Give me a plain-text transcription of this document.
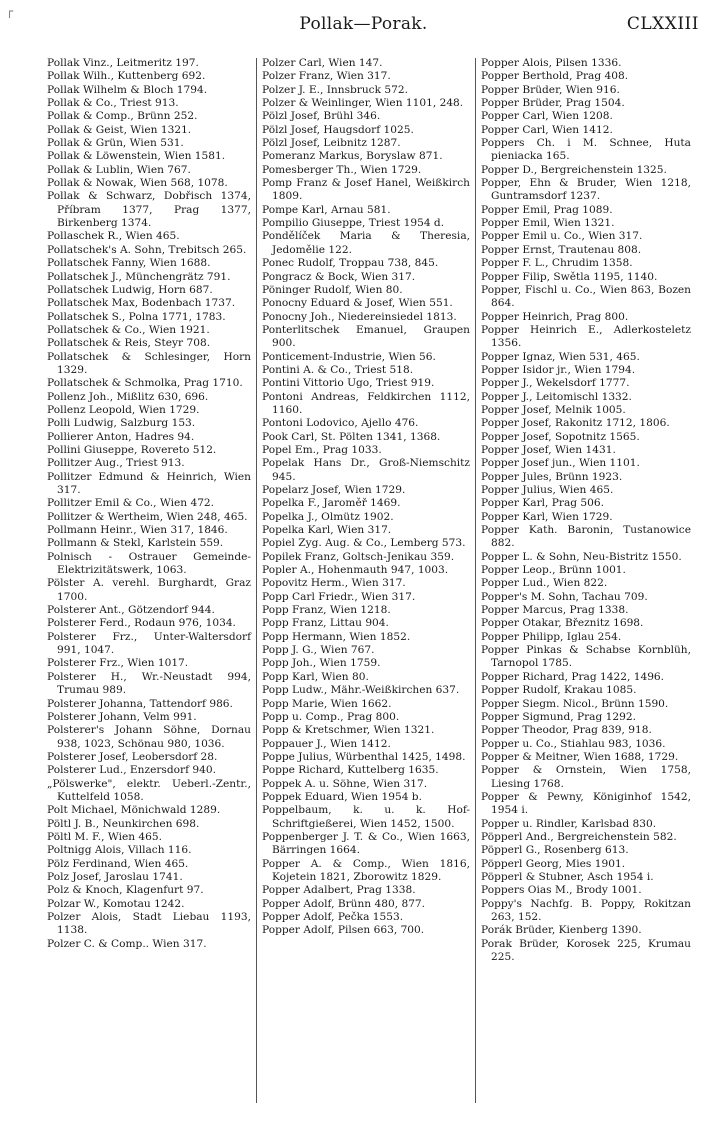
┌
Pollak—Porak.	CLXXIII
Pollak Vinz., Leitmeritz 197.
Pollak Wilh., Kuttenberg 692.
Pollak Wilhelm & Bloch 1794.
Pollak & Co., Triest 913.
Pollak & Comp., Brünn 252.
Pollak & Geist, Wien 1321.
Pollak & Grün, Wien 531.
Pollak & Löwenstein, Wien 1581.
Pollak & Lublin, Wien 767.
Pollak & Nowak, Wien 568, 1078.
Pollak & Schwarz, Dobřisch 1374, Příbram 1377, Prag 1377, Birkenberg 1374.
Pollaschek R., Wien 465.
Pollatschek's A. Sohn, Trebitsch 265.
Pollatschek Fanny, Wien 1688.
Pollatschek J., Münchengrätz 791.
Pollatschek Ludwig, Horn 687.
Pollatschek Max, Bodenbach 1737.
Pollatschek S., Polna 1771, 1783.
Pollatschek & Co., Wien 1921.
Pollatschek & Reis, Steyr 708.
Pollatschek & Schlesinger, Horn 1329.
Pollatschek & Schmolka, Prag 1710.
Pollenz Joh., Mißlitz 630, 696.
Pollenz Leopold, Wien 1729.
Polli Ludwig, Salzburg 153.
Pollierer Anton, Hadres 94.
Pollini Giuseppe, Rovereto 512.
Pollitzer Aug., Triest 913.
Pollitzer Edmund & Heinrich, Wien 317.
Pollitzer Emil & Co., Wien 472.
Pollitzer & Wertheim, Wien 248, 465.
Pollmann Heinr., Wien 317, 1846.
Pollmann & Stekl, Karlstein 559.
Polnisch - Ostrauer Gemeinde-Elektrizitätswerk, 1063.
Pölster A. verehl. Burghardt, Graz 1700.
Polsterer Ant., Götzendorf 944.
Polsterer Ferd., Rodaun 976, 1034.
Polsterer Frz., Unter-Waltersdorf 991, 1047.
Polsterer Frz., Wien 1017.
Polsterer H., Wr.-Neustadt 994, Trumau 989.
Polsterer Johanna, Tattendorf 986.
Polsterer Johann, Velm 991.
Polsterer's Johann Söhne, Dornau 938, 1023, Schönau 980, 1036.
Polsterer Josef, Leobersdorf 28.
Polsterer Lud., Enzersdorf 940.
„Pölswerke", elektr. Ueberl.-Zentr., Kuttelfeld 1058.
Polt Michael, Mönichwald 1289.
Pöltl J. B., Neunkirchen 698.
Pöltl M. F., Wien 465.
Poltnigg Alois, Villach 116.
Pölz Ferdinand, Wien 465.
Polz Josef, Jaroslau 1741.
Polz & Knoch, Klagenfurt 97.
Polzar W., Komotau 1242.
Polzer Alois, Stadt Liebau 1193, 1138.
Polzer C. & Comp.. Wien 317.
Polzer Carl, Wien 147.
Polzer Franz, Wien 317.
Polzer J. E., Innsbruck 572.
Polzer & Weinlinger, Wien 1101, 248.
Pölzl Josef, Brühl 346.
Pölzl Josef, Haugsdorf 1025.
Pölzl Josef, Leibnitz 1287.
Pomeranz Markus, Boryslaw 871.
Pomesberger Th., Wien 1729.
Pomp Franz & Josef Hanel, Weißkirch 1809.
Pompe Karl, Arnau 581.
Pompilio Giuseppe, Triest 1954 d.
Pondělíček Maria & Theresia, Jedomělie 122.
Ponec Rudolf, Troppau 738, 845.
Pongracz & Bock, Wien 317.
Pöninger Rudolf, Wien 80.
Ponocny Eduard & Josef, Wien 551.
Ponocny Joh., Niedereinsiedel 1813.
Ponterlitschek Emanuel, Graupen 900.
Ponticement-Industrie, Wien 56.
Pontini A. & Co., Triest 518.
Pontini Vittorio Ugo, Triest 919.
Pontoni Andreas, Feldkirchen 1112, 1160.
Pontoni Lodovico, Ajello 476.
Pook Carl, St. Pölten 1341, 1368.
Popel Em., Prag 1033.
Popelak Hans Dr., Groß-Niemschitz 945.
Popelarz Josef, Wien 1729.
Popelka F., Jaroměř 1469.
Popelka J., Olmütz 1902.
Popelka Karl, Wien 317.
Popiel Zyg. Aug. & Co., Lemberg 573.
Popilek Franz, Goltsch-Jenikau 359.
Popler A., Hohenmauth 947, 1003.
Popovitz Herm., Wien 317.
Popp Carl Friedr., Wien 317.
Popp Franz, Wien 1218.
Popp Franz, Littau 904.
Popp Hermann, Wien 1852.
Popp J. G., Wien 767.
Popp Joh., Wien 1759.
Popp Karl, Wien 80.
Popp Ludw., Mähr.-Weißkirchen 637.
Popp Marie, Wien 1662.
Popp u. Comp., Prag 800.
Popp & Kretschmer, Wien 1321.
Poppauer J., Wien 1412.
Poppe Julius, Würbenthal 1425, 1498.
Poppe Richard, Kuttelberg 1635.
Poppek A. u. Söhne, Wien 317.
Poppek Eduard, Wien 1954 b.
Poppelbaum, k. u. k. Hof-Schriftgießerei, Wien 1452, 1500.
Poppenberger J. T. & Co., Wien 1663, Bärringen 1664.
Popper A. & Comp., Wien 1816, Kojetein 1821, Zborowitz 1829.
Popper Adalbert, Prag 1338.
Popper Adolf, Brünn 480, 877.
Popper Adolf, Pečka 1553.
Popper Adolf, Pilsen 663, 700.
Popper Alois, Pilsen 1336.
Popper Berthold, Prag 408.
Popper Brüder, Wien 916.
Popper Brüder, Prag 1504.
Popper Carl, Wien 1208.
Popper Carl, Wien 1412.
Poppers Ch. i M. Schnee, Huta pieniacka 165.
Popper D., Bergreichenstein 1325.
Popper, Ehn & Bruder, Wien 1218, Guntramsdorf 1237.
Popper Emil, Prag 1089.
Popper Emil, Wien 1321.
Popper Emil u. Co., Wien 317.
Popper Ernst, Trautenau 808.
Popper F. L., Chrudim 1358.
Popper Filip, Swětla 1195, 1140.
Popper, Fischl u. Co., Wien 863, Bozen 864.
Popper Heinrich, Prag 800.
Popper Heinrich E., Adlerkosteletz 1356.
Popper Ignaz, Wien 531, 465.
Popper Isidor jr., Wien 1794.
Popper J., Wekelsdorf 1777.
Popper J., Leitomischl 1332.
Popper Josef, Melnik 1005.
Popper Josef, Rakonitz 1712, 1806.
Popper Josef, Sopotnitz 1565.
Popper Josef, Wien 1431.
Popper Josef jun., Wien 1101.
Popper Jules, Brünn 1923.
Popper Julius, Wien 465.
Popper Karl, Prag 506.
Popper Karl, Wien 1729.
Popper Kath. Baronin, Tustanowice 882.
Popper L. & Sohn, Neu-Bistritz 1550.
Popper Leop., Brünn 1001.
Popper Lud., Wien 822.
Popper's M. Sohn, Tachau 709.
Popper Marcus, Prag 1338.
Popper Otakar, Březnitz 1698.
Popper Philipp, Iglau 254.
Popper Pinkas & Schabse Kornblüh, Tarnopol 1785.
Popper Richard, Prag 1422, 1496.
Popper Rudolf, Krakau 1085.
Popper Siegm. Nicol., Brünn 1590.
Popper Sigmund, Prag 1292.
Popper Theodor, Prag 839, 918.
Popper u. Co., Stiahlau 983, 1036.
Popper & Meitner, Wien 1688, 1729.
Popper & Ornstein, Wien 1758, Liesing 1768.
Popper & Pewny, Königinhof 1542, 1954 i.
Popper u. Rindler, Karlsbad 830.
Pöpperl And., Bergreichenstein 582.
Pöpperl G., Rosenberg 613.
Pöpperl Georg, Mies 1901.
Pöpperl & Stubner, Asch 1954 i.
Poppers Oias M., Brody 1001.
Poppy's Nachfg. B. Poppy, Rokitzan 263, 152.
Porák Brüder, Kienberg 1390.
Porak Brüder, Korosek 225, Krumau 225.
